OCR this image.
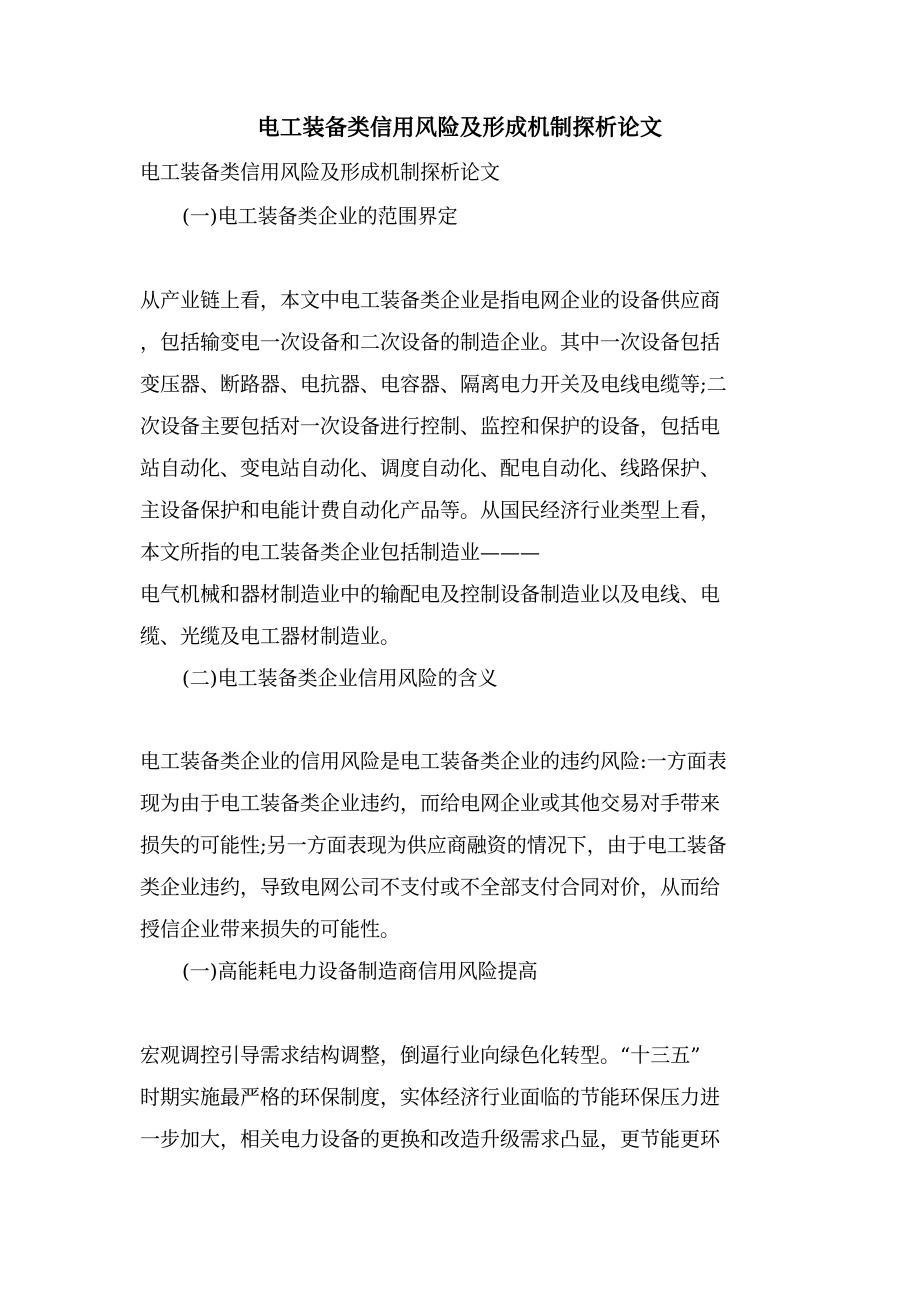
电工装备类信用风险及形成机制探析论文
电工装备类信用风险及形成机制探析论文
(一)电工装备类企业的范围界定
从产业链上看，本文中电工装备类企业是指电网企业的设备供应商
，包括输变电一次设备和二次设备的制造企业。其中一次设备包括
变压器、断路器、电抗器、电容器、隔离电力开关及电线电缆等;二
次设备主要包括对一次设备进行控制、监控和保护的设备，包括电
站自动化、变电站自动化、调度自动化、配电自动化、线路保护、
主设备保护和电能计费自动化产品等。从国民经济行业类型上看，
本文所指的电工装备类企业包括制造业———
电气机械和器材制造业中的输配电及控制设备制造业以及电线、电
缆、光缆及电工器材制造业。
(二)电工装备类企业信用风险的含义
电工装备类企业的信用风险是电工装备类企业的违约风险:一方面表
现为由于电工装备类企业违约，而给电网企业或其他交易对手带来
损失的可能性;另一方面表现为供应商融资的情况下，由于电工装备
类企业违约，导致电网公司不支付或不全部支付合同对价，从而给
授信企业带来损失的可能性。
(一)高能耗电力设备制造商信用风险提高
宏观调控引导需求结构调整，倒逼行业向绿色化转型。“十三五”
时期实施最严格的环保制度，实体经济行业面临的节能环保压力进
一步加大，相关电力设备的更换和改造升级需求凸显，更节能更环
